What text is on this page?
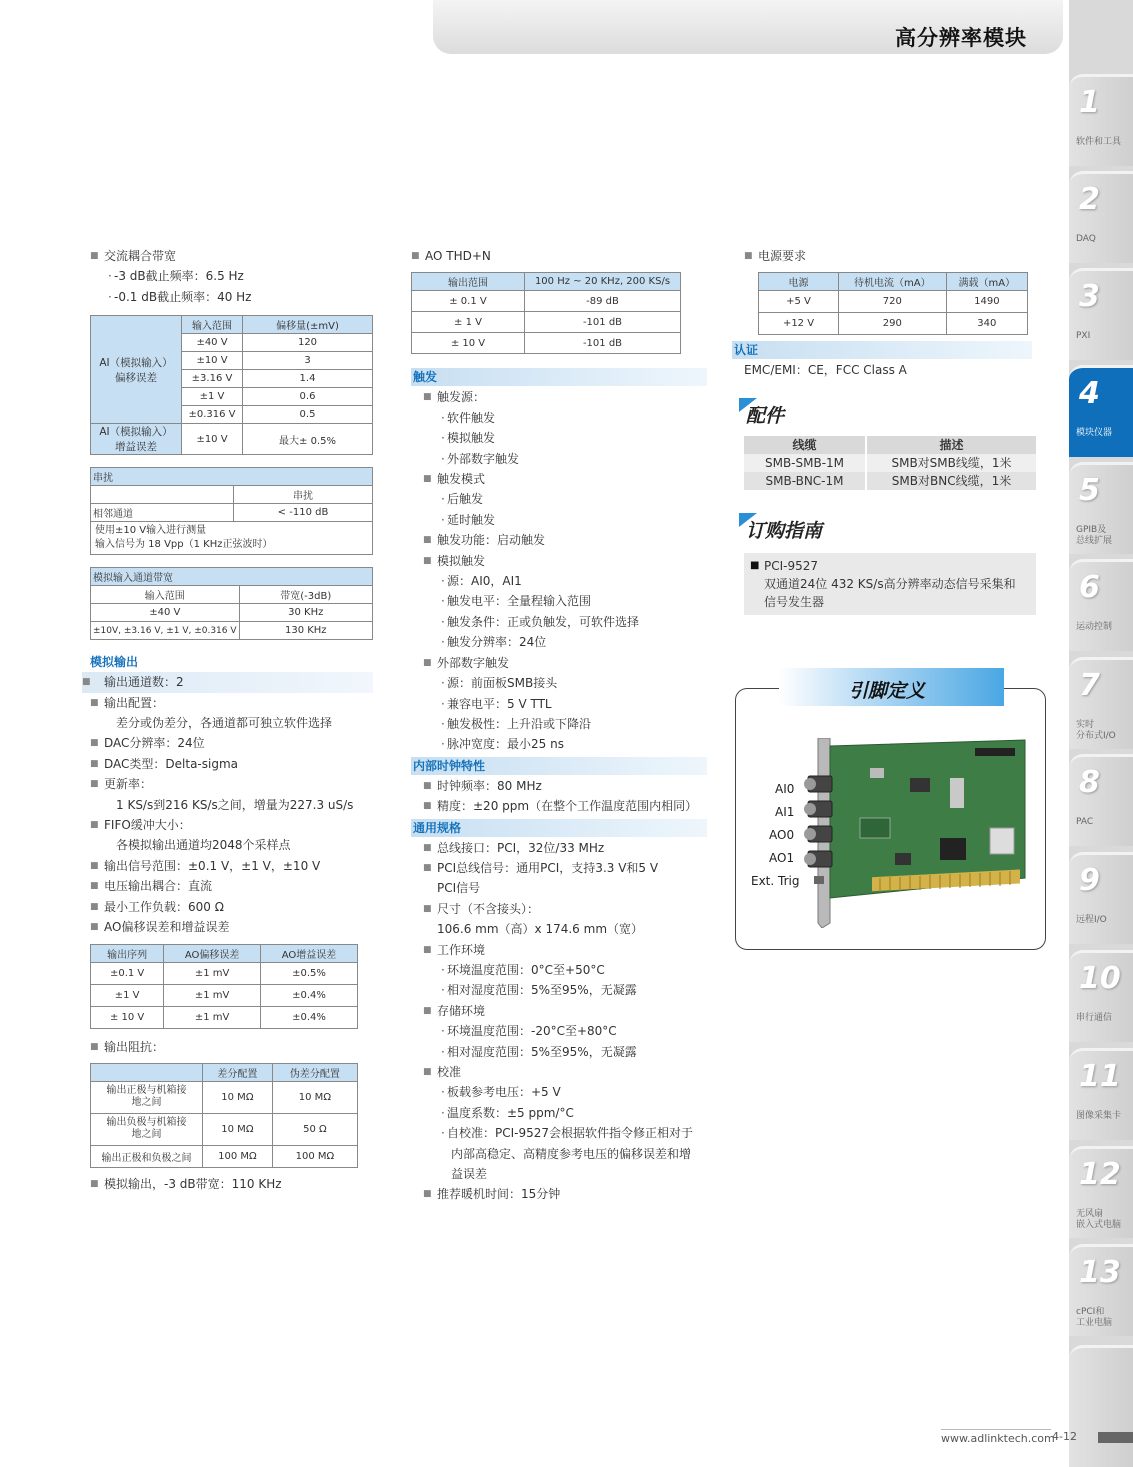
高分辨率模块
1
软件和工具
2
DAQ
3
PXI
4
模块仪器
5
GPIB及
总线扩展
6
运动控制
7
实时
分布式I/O
8
PAC
9
远程I/O
10
串行通信
11
图像采集卡
12
无风扇
嵌入式电脑
13
cPCI和
工业电脑
■ 交流耦合带宽
· -3 dB截止频率：6.5 Hz
· -0.1 dB截止频率：40 Hz
AI（模拟输入）
偏移误差	输入范围	偏移量(±mV)
	±40 V	120
	±10 V	3
	±3.16 V	1.4
	±1 V	0.6
	±0.316 V	0.5
AI（模拟输入）
增益误差	±10 V	最大± 0.5%
串扰	
	串扰
相邻通道	< -110 dB

使用±10 V输入进行测量
输入信号为 18 Vpp（1 KHz正弦波时）	
模拟输入通道带宽	
输入范围	带宽(-3dB)
±40 V	30 KHz
±10V, ±3.16 V, ±1 V, ±0.316 V	130 KHz
模拟输出
■ 输出通道数：2
■ 输出配置：
差分或伪差分，各通道都可独立软件选择
■ DAC分辨率：24位
■ DAC类型：Delta-sigma
■ 更新率：
1 KS/s到216 KS/s之间，增量为227.3 uS/s
■ FIFO缓冲大小：
各模拟输出通道均2048个采样点
■ 输出信号范围：±0.1 V，±1 V，±10 V
■ 电压输出耦合：直流
■ 最小工作负载：600 Ω
■ AO偏移误差和增益误差
输出序列	AO偏移误差	AO增益误差
±0.1 V	±1 mV	±0.5%
±1 V	±1 mV	±0.4%
± 10 V	±1 mV	±0.4%
■ 输出阻抗：
	差分配置	伪差分配置
输出正极与机箱接
地之间	10 MΩ	10 MΩ
输出负极与机箱接
地之间	10 MΩ	50 Ω
输出正极和负极之间	100 MΩ	100 MΩ
■ 模拟输出，-3 dB带宽：110 KHz
■ AO THD+N
输出范围	100 Hz ~ 20 KHz, 200 KS/s
± 0.1 V	-89 dB
± 1 V	-101 dB
± 10 V	-101 dB
触发
■ 触发源：
· 软件触发
· 模拟触发
· 外部数字触发
■ 触发模式
· 后触发
· 延时触发
■ 触发功能：启动触发
■ 模拟触发
· 源：AI0，AI1
· 触发电平：全量程输入范围
· 触发条件：正或负触发，可软件选择
· 触发分辨率：24位
■ 外部数字触发
· 源：前面板SMB接头
· 兼容电平：5 V TTL
· 触发极性：上升沿或下降沿
· 脉冲宽度：最小25 ns
内部时钟特性
■ 时钟频率：80 MHz
■ 精度：±20 ppm（在整个工作温度范围内相同）
通用规格
■ 总线接口：PCI，32位/33 MHz
■ PCI总线信号：通用PCI，支持3.3 V和5 V
PCI信号
■ 尺寸（不含接头）：
106.6 mm（高）x 174.6 mm（宽）
■ 工作环境
· 环境温度范围：0°C至+50°C
· 相对湿度范围：5%至95%，无凝露
■ 存储环境
· 环境温度范围：-20°C至+80°C
· 相对湿度范围：5%至95%，无凝露
■ 校准
· 板载参考电压：+5 V
· 温度系数：±5 ppm/°C
· 自校准：PCI-9527会根据软件指令修正相对于
内部高稳定、高精度参考电压的偏移误差和增
益误差
■ 推荐暖机时间：15分钟
■ 电源要求
电源	待机电流（mA）	满载（mA）
+5 V	720	1490
+12 V	290	340
认证
EMC/EMI：CE，FCC Class A
配件
线缆	描述
SMB-SMB-1M	SMB对SMB线缆，1米
SMB-BNC-1M	SMB对BNC线缆，1米
订购指南
■ PCI-9527
双通道24位 432 KS/s高分辨率动态信号采集和
信号发生器
引脚定义
AI0
AI1
AO0
AO1
Ext. Trig
www.adlinktech.com
4-12
